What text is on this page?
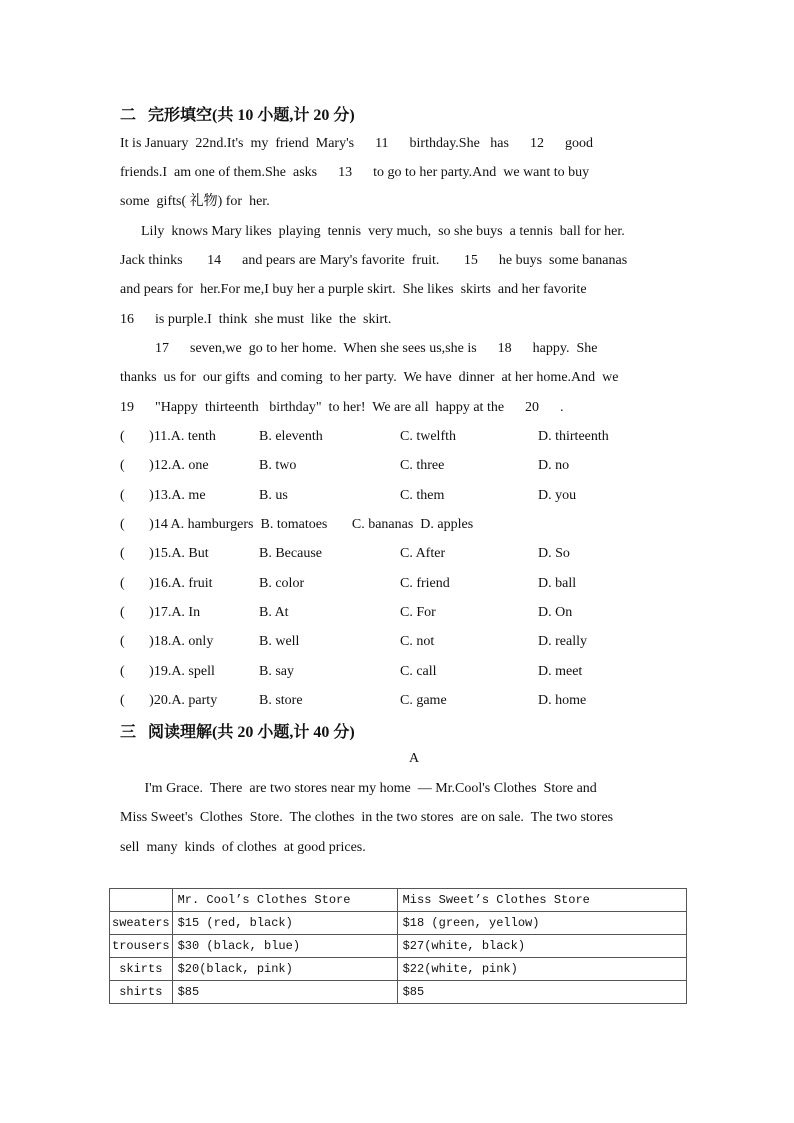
二   完形填空(共 10 小题,计 20 分)
It is January  22nd.It's  my  friend  Mary's      11      birthday.She   has      12      good
friends.I  am one of them.She  asks      13      to go to her party.And  we want to buy
some  gifts( 礼物) for  her.
Lily  knows Mary likes  playing  tennis  very much,  so she buys  a tennis  ball for her.
Jack thinks       14      and pears are Mary's favorite  fruit.       15      he buys  some bananas
and pears for  her.For me,I buy her a purple skirt.  She likes  skirts  and her favorite
16      is purple.I  think  she must  like  the  skirt.
17      seven,we  go to her home.  When she sees us,she is      18      happy.  She
thanks  us for  our gifts  and coming  to her party.  We have  dinner  at her home.And  we
19      "Happy  thirteenth   birthday"  to her!  We are all  happy at the      20      .
(       )11.A. tenth	B. eleventh	C. twelfth	D. thirteenth
(       )12.A. one	B. two	C. three	D. no
(       )13.A. me	B. us	C. them	D. you
(       )14 A. hamburgers  B. tomatoes       C. bananas  D. apples
(       )15.A. But	B. Because	C. After	D. So
(       )16.A. fruit	B. color	C. friend	D. ball
(       )17.A. In	B. At	C. For	D. On
(       )18.A. only	B. well	C. not	D. really
(       )19.A. spell	B. say	C. call	D. meet
(       )20.A. party	B. store	C. game	D. home
三   阅读理解(共 20 小题,计 40 分)
A
I'm Grace.  There  are two stores near my home  — Mr.Cool's Clothes  Store and
Miss Sweet's  Clothes  Store.  The clothes  in the two stores  are on sale.  The two stores
sell  many  kinds  of clothes  at good prices.
	Mr. Cool’s Clothes Store	Miss Sweet’s Clothes Store
sweaters	$15 (red, black)	$18 (green, yellow)
trousers	$30 (black, blue)	$27(white, black)
skirts	$20(black, pink)	$22(white, pink)
shirts	$85	$85
